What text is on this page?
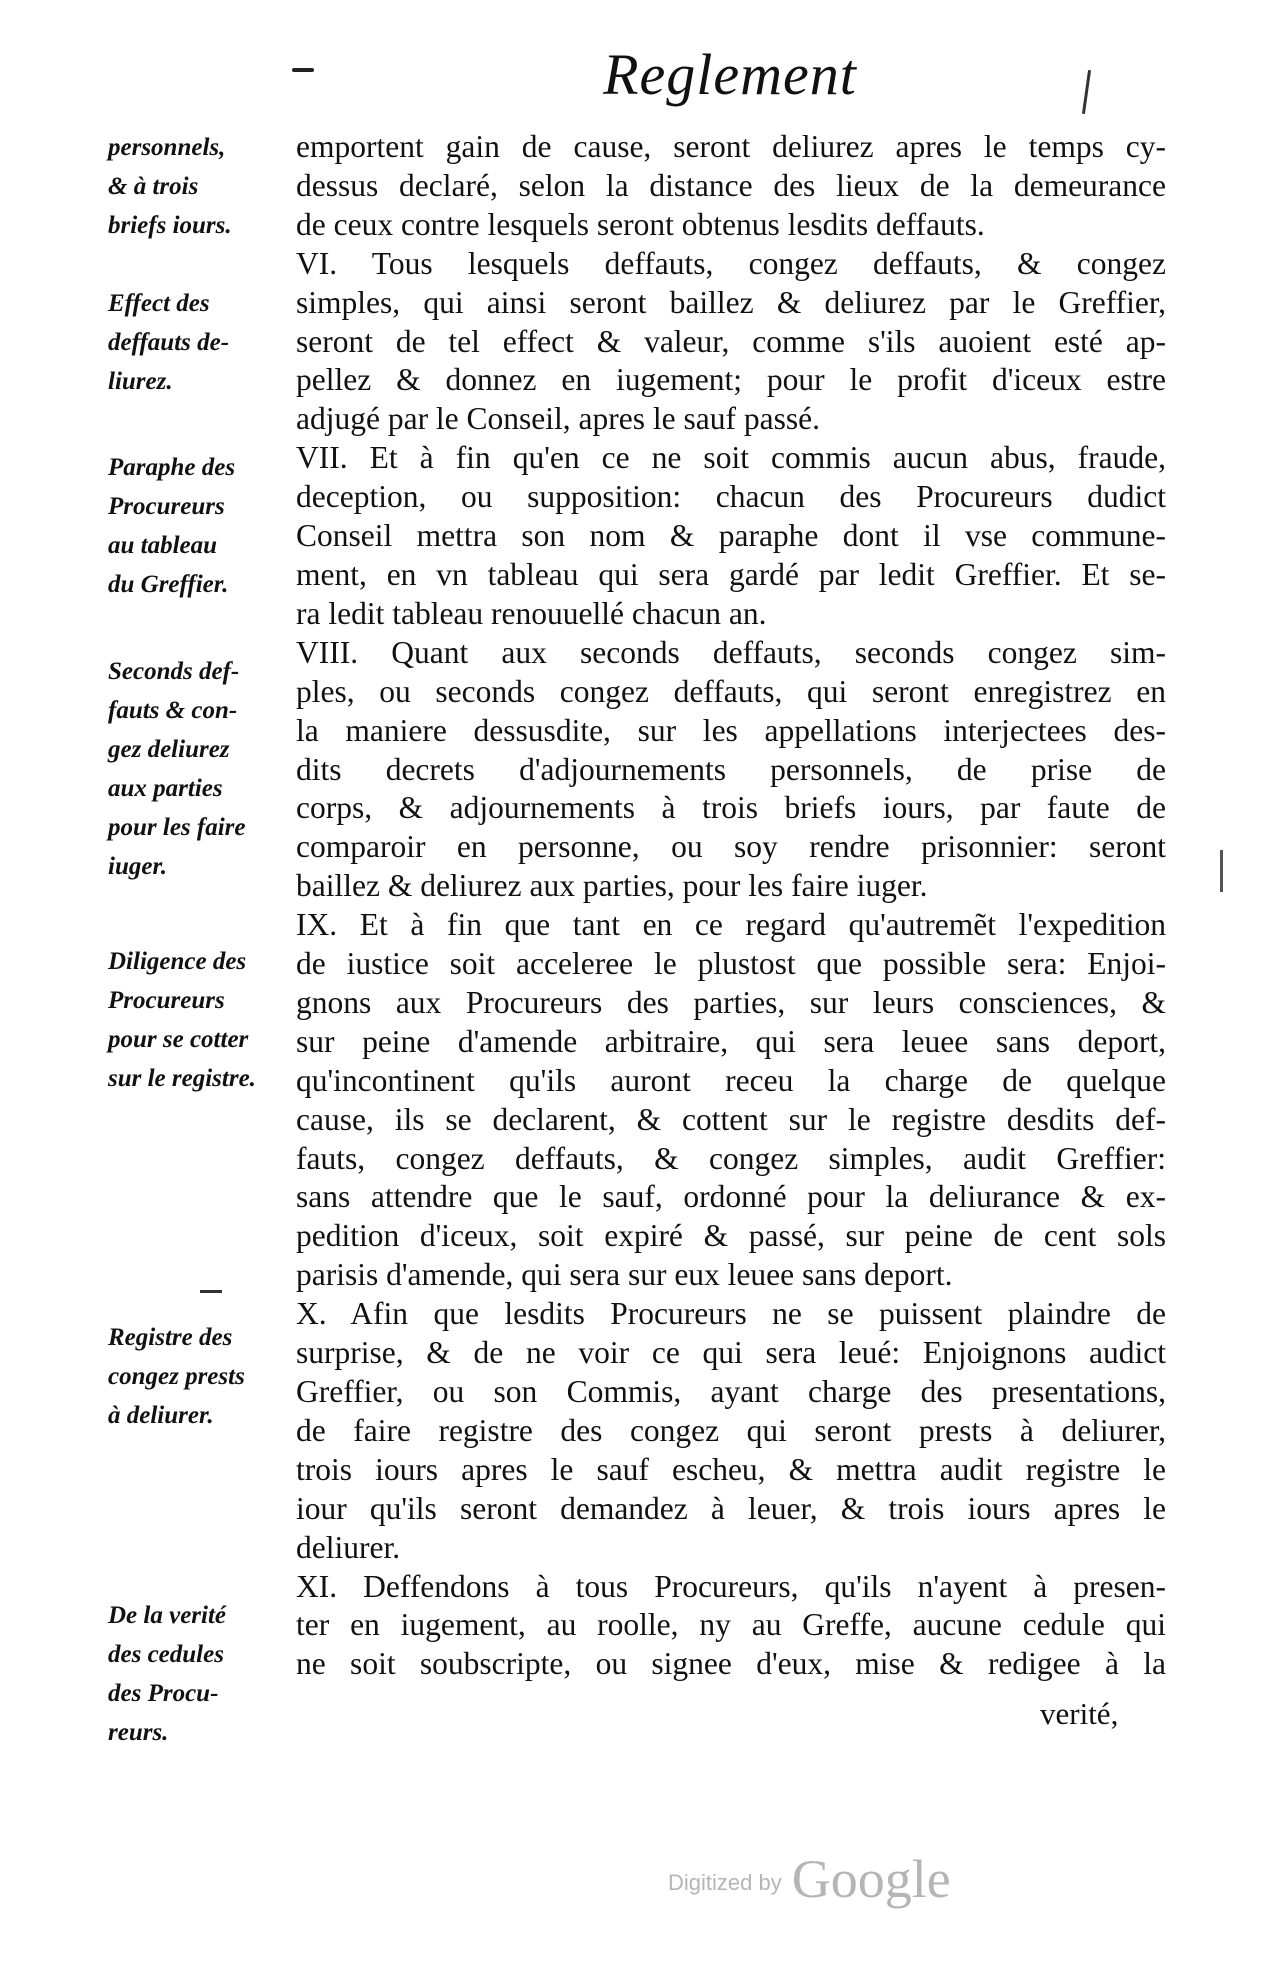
Reglement
personnels,
& à trois
briefs iours.
Effect des
deffauts de-
liurez.
Paraphe des
Procureurs
au tableau
du Greffier.
Seconds def-
fauts & con-
gez deliurez
aux parties
pour les faire
iuger.
Diligence des
Procureurs
pour se cotter
sur le registre.
Registre des
congez prests
à deliurer.
De la verité
des cedules
des Procu-
reurs.
emportent gain de cause, seront deliurez apres le temps cy-
dessus declaré, selon la distance des lieux de la demeurance
de ceux contre lesquels seront obtenus lesdits deffauts.
VI. Tous lesquels deffauts, congez deffauts, & congez
simples, qui ainsi seront baillez & deliurez par le Greffier,
seront de tel effect & valeur, comme s'ils auoient esté ap-
pellez & donnez en iugement; pour le profit d'iceux estre
adjugé par le Conseil, apres le sauf passé.
VII. Et à fin qu'en ce ne soit commis aucun abus, fraude,
deception, ou supposition: chacun des Procureurs dudict
Conseil mettra son nom & paraphe dont il vse commune-
ment, en vn tableau qui sera gardé par ledit Greffier. Et se-
ra ledit tableau renouuellé chacun an.
VIII. Quant aux seconds deffauts, seconds congez sim-
ples, ou seconds congez deffauts, qui seront enregistrez en
la maniere dessusdite, sur les appellations interjectees des-
dits decrets d'adjournements personnels, de prise de
corps, & adjournements à trois briefs iours, par faute de
comparoir en personne, ou soy rendre prisonnier: seront
baillez & deliurez aux parties, pour les faire iuger.
IX. Et à fin que tant en ce regard qu'autremẽt l'expedition
de iustice soit acceleree le plustost que possible sera: Enjoi-
gnons aux Procureurs des parties, sur leurs consciences, &
sur peine d'amende arbitraire, qui sera leuee sans deport,
qu'incontinent qu'ils auront receu la charge de quelque
cause, ils se declarent, & cottent sur le registre desdits def-
fauts, congez deffauts, & congez simples, audit Greffier:
sans attendre que le sauf, ordonné pour la deliurance & ex-
pedition d'iceux, soit expiré & passé, sur peine de cent sols
parisis d'amende, qui sera sur eux leuee sans deport.
X. Afin que lesdits Procureurs ne se puissent plaindre de
surprise, & de ne voir ce qui sera leué: Enjoignons audict
Greffier, ou son Commis, ayant charge des presentations,
de faire registre des congez qui seront prests à deliurer,
trois iours apres le sauf escheu, & mettra audit registre le
iour qu'ils seront demandez à leuer, & trois iours apres le
deliurer.
XI. Deffendons à tous Procureurs, qu'ils n'ayent à presen-
ter en iugement, au roolle, ny au Greffe, aucune cedule qui
ne soit soubscripte, ou signee d'eux, mise & redigee à la
verité,
Digitized by Google
